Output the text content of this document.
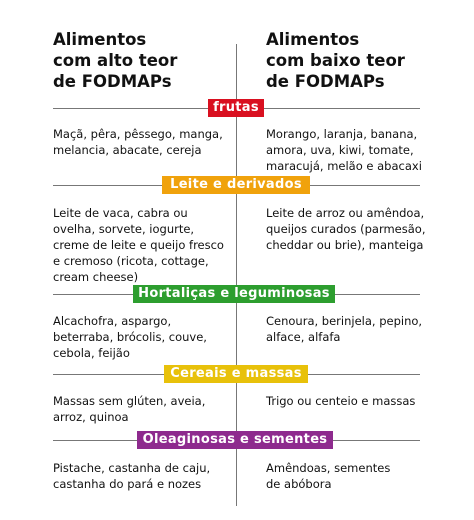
Alimentos
com alto teor
de FODMAPs
Alimentos
com baixo teor
de FODMAPs
frutas
Maçã, pêra, pêssego, manga,
melancia, abacate, cereja
Morango, laranja, banana,
amora, uva, kiwi, tomate,
maracujá, melão e abacaxi
Leite e derivados
Leite de vaca, cabra ou
ovelha, sorvete, iogurte,
creme de leite e queijo fresco
e cremoso (ricota, cottage,
cream cheese)
Leite de arroz ou amêndoa,
queijos curados (parmesão,
cheddar ou brie), manteiga
Hortaliças e leguminosas
Alcachofra, aspargo,
beterraba, brócolis, couve,
cebola, feijão
Cenoura, berinjela, pepino,
alface, alfafa
Cereais e massas
Massas sem glúten, aveia,
arroz, quinoa
Trigo ou centeio e massas
Oleaginosas e sementes
Pistache, castanha de caju,
castanha do pará e nozes
Amêndoas, sementes
de abóbora
